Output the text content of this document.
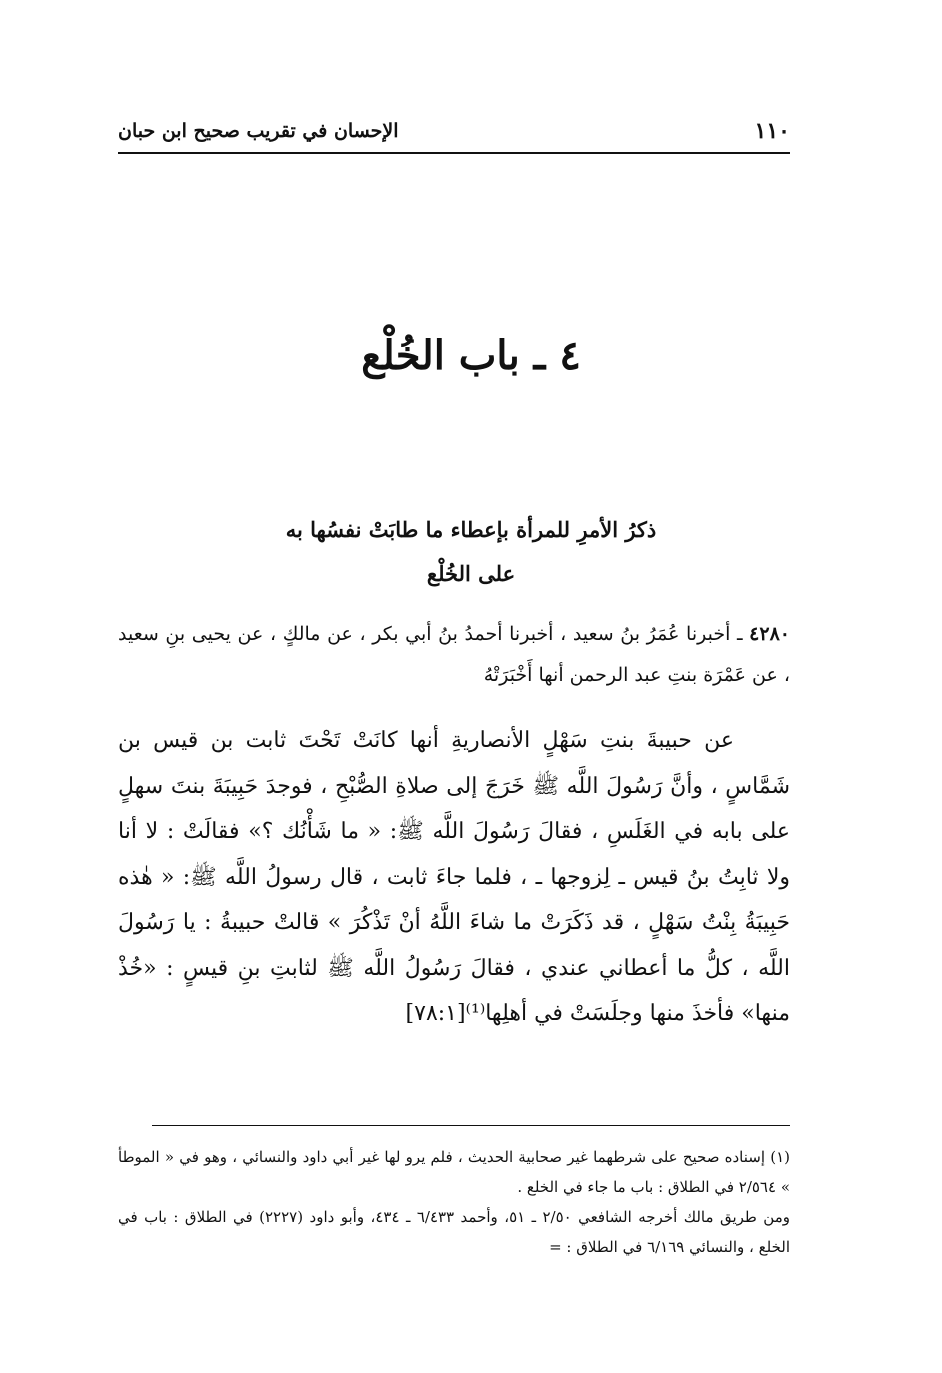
١١٠
الإحسان في تقريب صحيح ابن حبان
٤ ـ باب الخُلْع
ذكرُ الأمرِ للمرأة بإعطاء ما طابَتْ نفسُها به
على الخُلْع
٤٢٨٠ ـ أخبرنا عُمَرُ بنُ سعيد ، أخبرنا أحمدُ بنُ أبي بكر ، عن مالكٍ ، عن يحيى بنِ سعيد ، عن عَمْرَة بنتِ عبد الرحمن أنها أَخْبَرَتْهُ
عن حبيبةَ بنتِ سَهْلٍ الأنصاريةِ أنها كانَتْ تَحْتَ ثابت بن قيس بن شَمَّاسٍ ، وأنَّ رَسُولَ اللَّه ﷺ خَرَجَ إلى صلاةِ الصُّبْحِ ، فوجدَ حَبِيبَةَ بنتَ سهلٍ على بابه في الغَلَسِ ، فقالَ رَسُولَ اللَّه ﷺ: « ما شَأْنُك ؟» فقالَتْ : لا أنا ولا ثابِتُ بنُ قيس ـ لِزوجها ـ ، فلما جاءَ ثابت ، قال رسولُ اللَّه ﷺ: « هٰذه حَبِيبَةُ بِنْتُ سَهْلٍ ، قد ذَكَرَتْ ما شاءَ اللَّهُ أنْ تَذْكُرَ » قالتْ حبيبةُ : يا رَسُولَ اللَّه ، كلُّ ما أعطاني عندي ، فقالَ رَسُولُ اللَّه ﷺ لثابتِ بنِ قيسٍ : «خُذْ منها» فأخذَ منها وجلَسَتْ في أهلِها⁽¹⁾[٧٨:١]

(١) إسناده صحيح على شرطهما غير صحابية الحديث ، فلم يرو لها غير أبي داود والنسائي ، وهو في « الموطأ » ٢/٥٦٤ في الطلاق : باب ما جاء في الخلع .

ومن طريق مالك أخرجه الشافعي ٢/٥٠ ـ ٥١، وأحمد ٦/٤٣٣ ـ ٤٣٤، وأبو داود (٢٢٢٧) في الطلاق : باب في الخلع ، والنسائي ٦/١٦٩ في الطلاق : =
